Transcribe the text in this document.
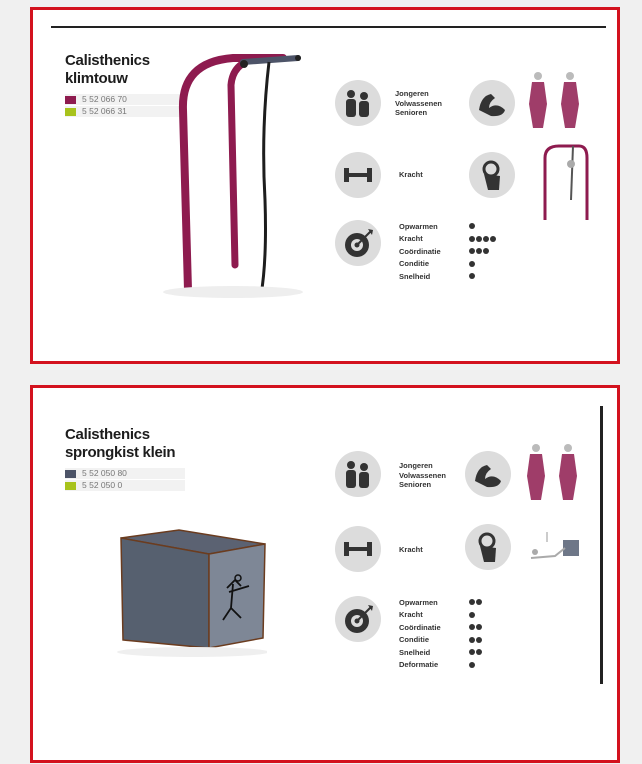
Calisthenics
klimtouw
5 52 066 70
5 52 066 31
Jongeren
Volwassenen
Senioren
Kracht
Opwarmen
Kracht
Coördinatie
Conditie
Snelheid
Calisthenics
sprongkist klein
5 52 050 80
5 52 050 0
Jongeren
Volwassenen
Senioren
Kracht
Opwarmen
Kracht
Coördinatie
Conditie
Snelheid
Deformatie
